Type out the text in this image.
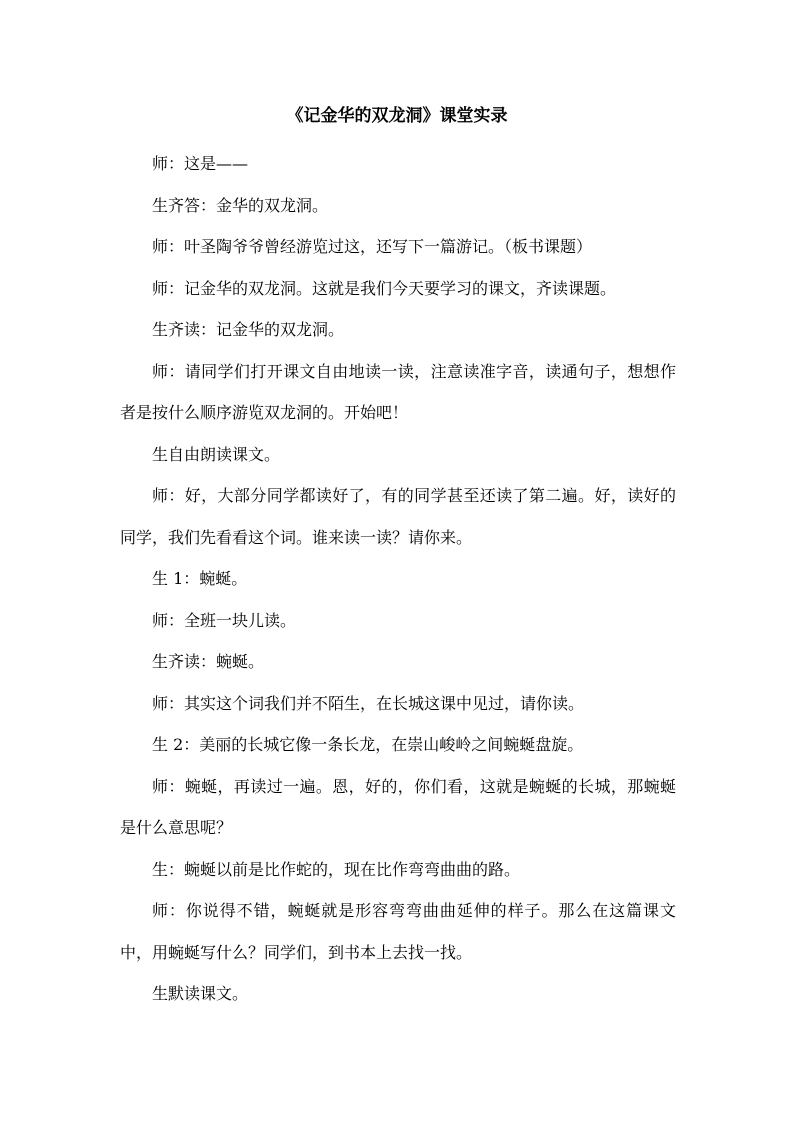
《记金华的双龙洞》课堂实录

师：这是——

生齐答：金华的双龙洞。

师：叶圣陶爷爷曾经游览过这，还写下一篇游记。（板书课题）

师：记金华的双龙洞。这就是我们今天要学习的课文，齐读课题。

生齐读：记金华的双龙洞。

师：请同学们打开课文自由地读一读，注意读准字音，读通句子，想想作者是按什么顺序游览双龙洞的。开始吧！

生自由朗读课文。

师：好，大部分同学都读好了，有的同学甚至还读了第二遍。好，读好的同学，我们先看看这个词。谁来读一读？请你来。

生 1：蜿蜒。

师：全班一块儿读。

生齐读：蜿蜒。

师：其实这个词我们并不陌生，在长城这课中见过，请你读。

生 2：美丽的长城它像一条长龙，在崇山峻岭之间蜿蜒盘旋。

师：蜿蜒，再读过一遍。恩，好的，你们看，这就是蜿蜒的长城，那蜿蜒是什么意思呢？

生：蜿蜒以前是比作蛇的，现在比作弯弯曲曲的路。

师：你说得不错，蜿蜒就是形容弯弯曲曲延伸的样子。那么在这篇课文中，用蜿蜒写什么？同学们，到书本上去找一找。

生默读课文。
